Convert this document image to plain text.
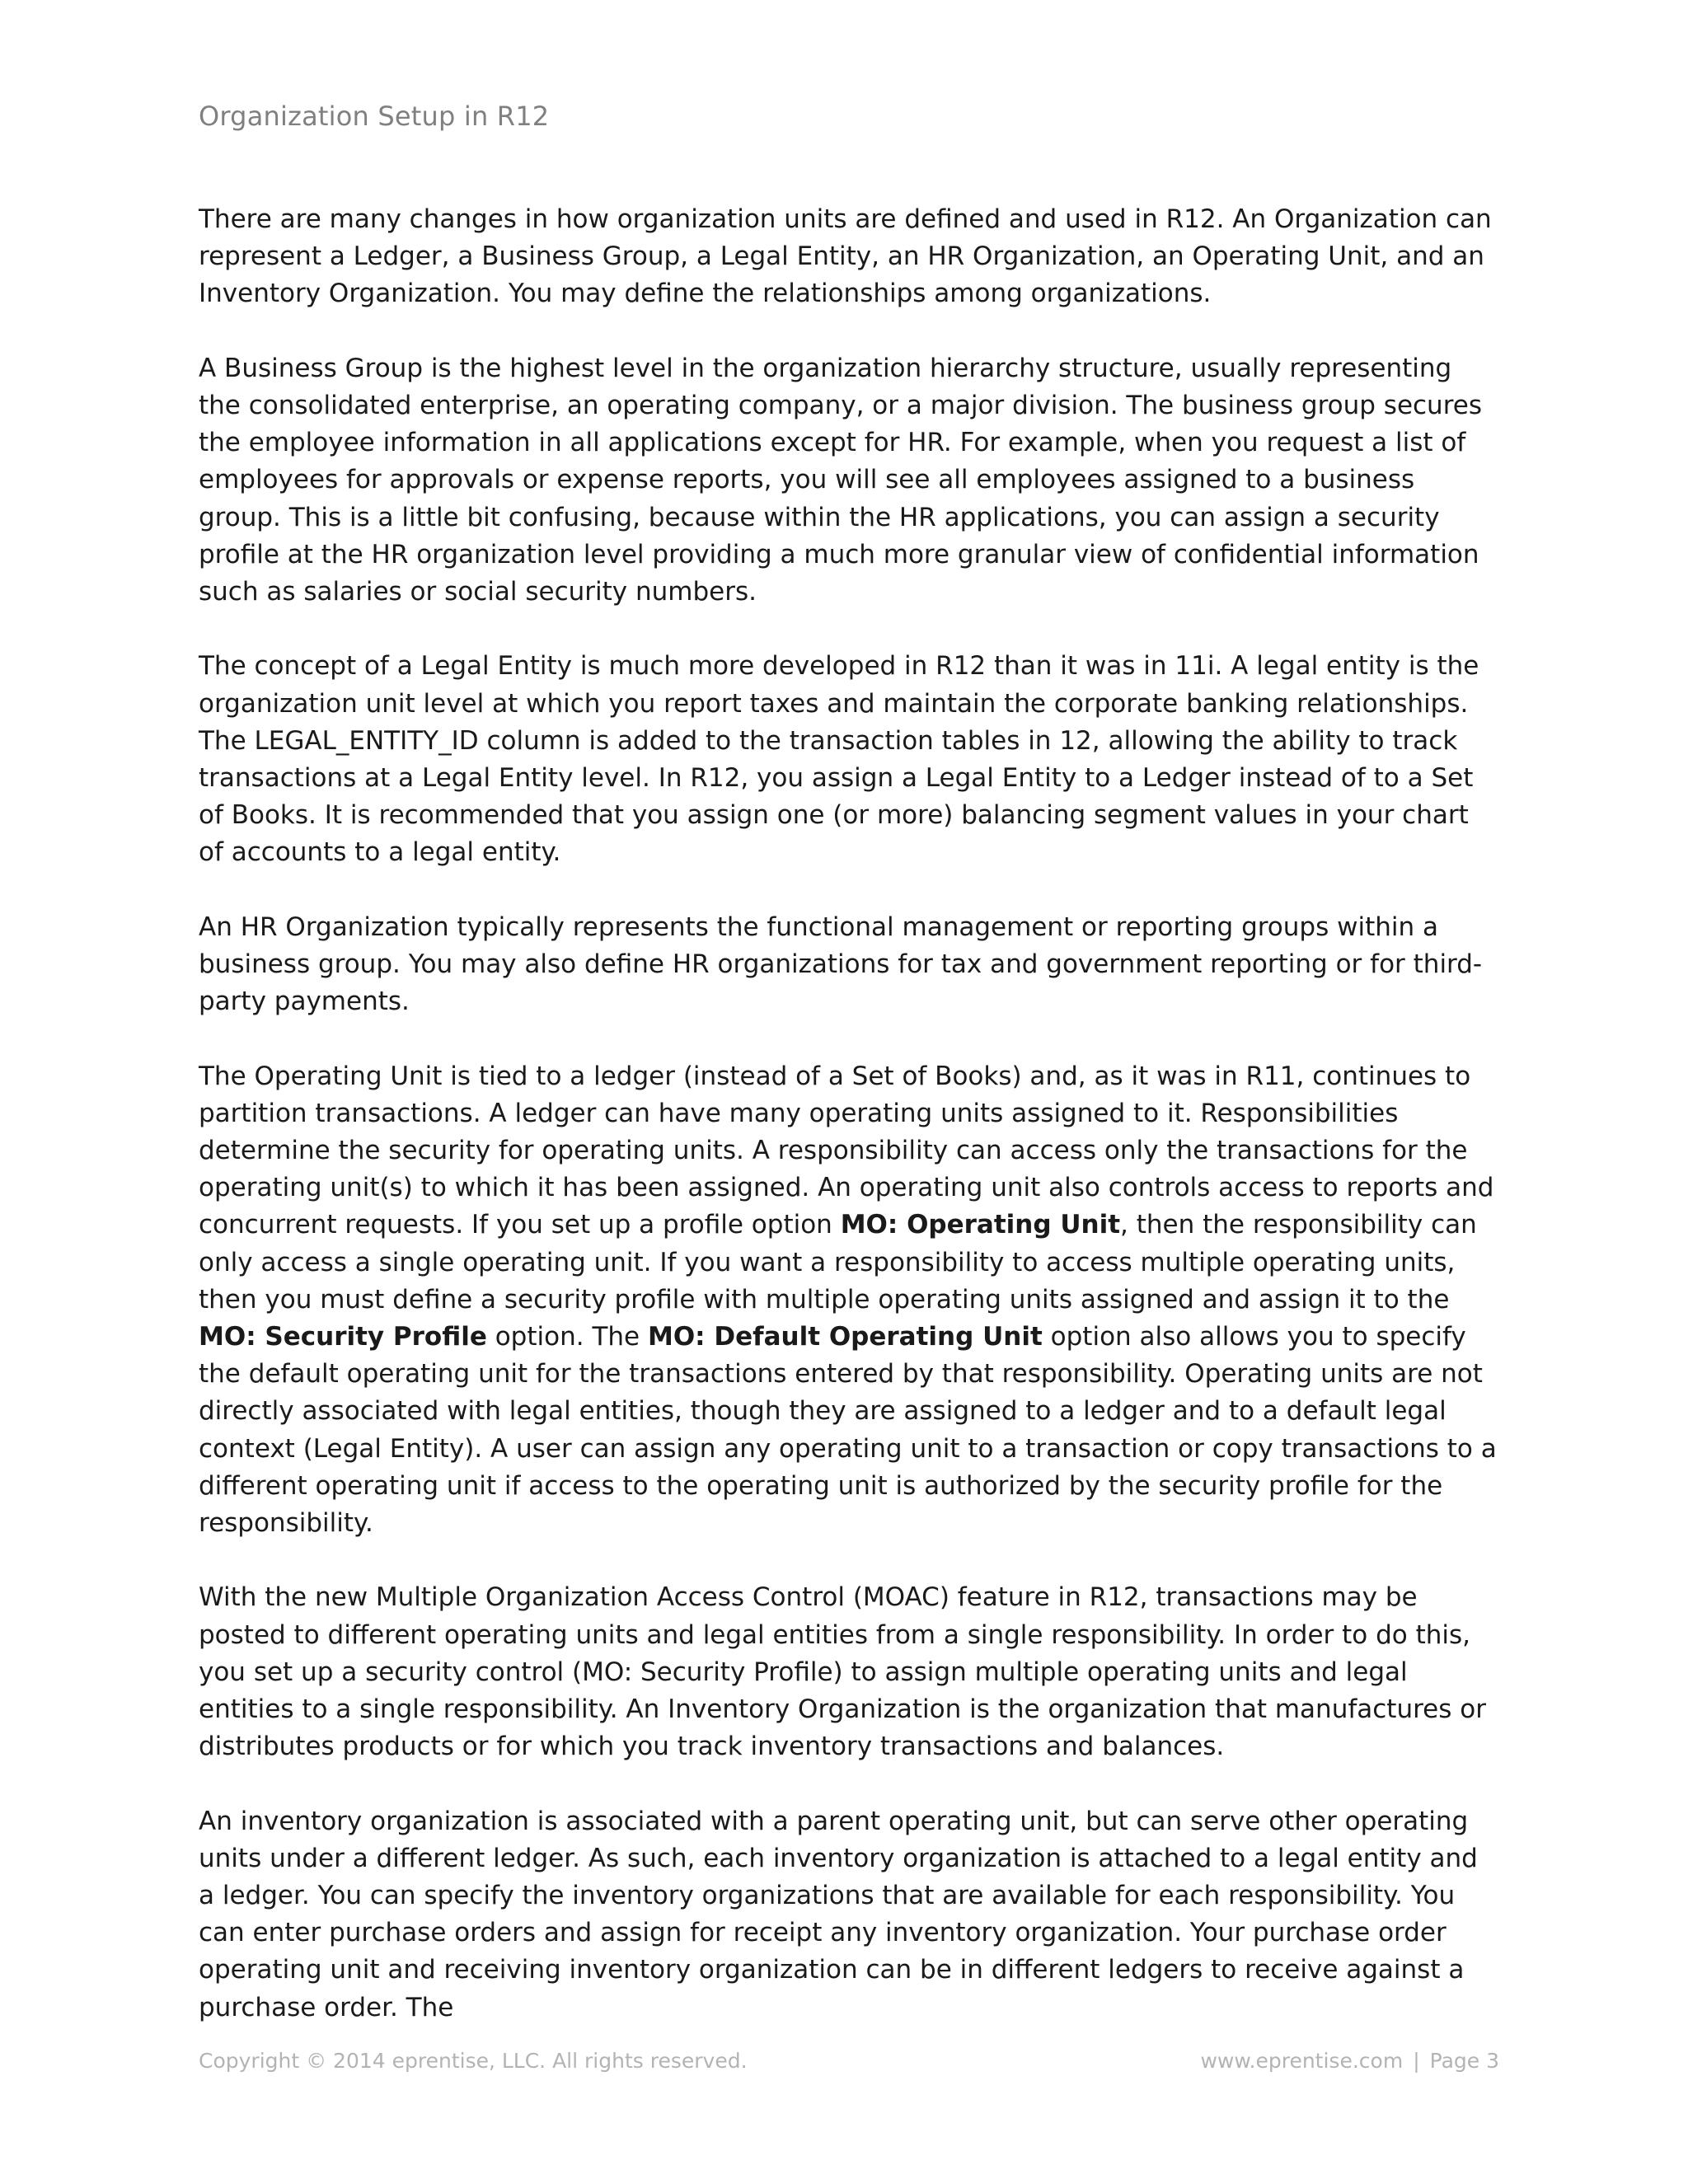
Organization Setup in R12

There are many changes in how organization units are defined and used in R12. An Organization can represent a Ledger, a Business Group, a Legal Entity, an HR Organization, an Operating Unit, and an Inventory Organization. You may define the relationships among organizations.

A Business Group is the highest level in the organization hierarchy structure, usually representing the consolidated enterprise, an operating company, or a major division. The business group secures the employee information in all applications except for HR. For example, when you request a list of employees for approvals or expense reports, you will see all employees assigned to a business group. This is a little bit confusing, because within the HR applications, you can assign a security profile at the HR organization level providing a much more granular view of confidential information such as salaries or social security numbers.

The concept of a Legal Entity is much more developed in R12 than it was in 11i. A legal entity is the organization unit level at which you report taxes and maintain the corporate banking relationships. The LEGAL_ENTITY_ID column is added to the transaction tables in 12, allowing the ability to track transactions at a Legal Entity level. In R12, you assign a Legal Entity to a Ledger instead of to a Set of Books. It is recommended that you assign one (or more) balancing segment values in your chart of accounts to a legal entity.

An HR Organization typically represents the functional management or reporting groups within a business group. You may also define HR organizations for tax and government reporting or for third-party payments.

The Operating Unit is tied to a ledger (instead of a Set of Books) and, as it was in R11, continues to partition transactions. A ledger can have many operating units assigned to it. Responsibilities determine the security for operating units. A responsibility can access only the transactions for the operating unit(s) to which it has been assigned. An operating unit also controls access to reports and concurrent requests. If you set up a profile option MO: Operating Unit, then the responsibility can only access a single operating unit. If you want a responsibility to access multiple operating units, then you must define a security profile with multiple operating units assigned and assign it to the MO: Security Profile option. The MO: Default Operating Unit option also allows you to specify the default operating unit for the transactions entered by that responsibility. Operating units are not directly associated with legal entities, though they are assigned to a ledger and to a default legal context (Legal Entity). A user can assign any operating unit to a transaction or copy transactions to a different operating unit if access to the operating unit is authorized by the security profile for the responsibility.

With the new Multiple Organization Access Control (MOAC) feature in R12, transactions may be posted to different operating units and legal entities from a single responsibility. In order to do this, you set up a security control (MO: Security Profile) to assign multiple operating units and legal entities to a single responsibility. An Inventory Organization is the organization that manufactures or distributes products or for which you track inventory transactions and balances.

An inventory organization is associated with a parent operating unit, but can serve other operating units under a different ledger. As such, each inventory organization is attached to a legal entity and a ledger. You can specify the inventory organizations that are available for each responsibility. You can enter purchase orders and assign for receipt any inventory organization. Your purchase order operating unit and receiving inventory organization can be in different ledgers to receive against a purchase order. The

Copyright © 2014 eprentise, LLC. All rights reserved.	www.eprentise.com | Page 3
